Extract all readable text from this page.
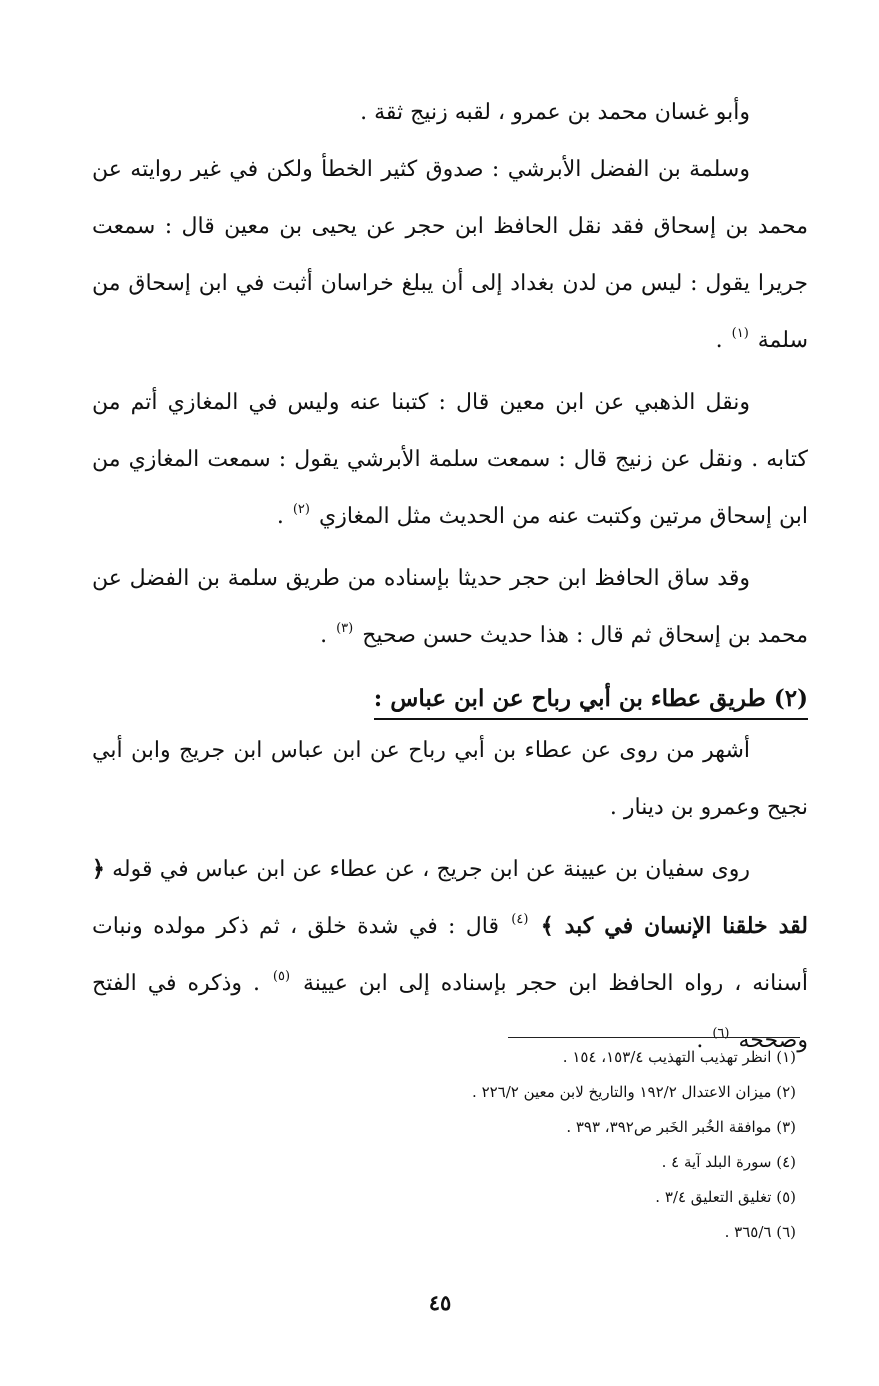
وأبو غسان محمد بن عمرو ، لقبه زنيج ثقة .

وسلمة بن الفضل الأبرشي : صدوق كثير الخطأ ولكن في غير روايته عن محمد بن إسحاق فقد نقل الحافظ ابن حجر عن يحيى بن معين قال : سمعت جريرا يقول : ليس من لدن بغداد إلى أن يبلغ خراسان أثبت في ابن إسحاق من سلمة $^{(١)}$ .

ونقل الذهبي عن ابن معين قال : كتبنا عنه وليس في المغازي أتم من كتابه . ونقل عن زنيج قال : سمعت سلمة الأبرشي يقول : سمعت المغازي من ابن إسحاق مرتين وكتبت عنه من الحديث مثل المغازي $^{(٢)}$ .

وقد ساق الحافظ ابن حجر حديثا بإسناده من طريق سلمة بن الفضل عن محمد بن إسحاق ثم قال : هذا حديث حسن صحيح $^{(٣)}$ .

(٢) طريق عطاء بن أبي رباح عن ابن عباس :

أشهر من روى عن عطاء بن أبي رباح عن ابن عباس ابن جريج وابن أبي نجيح وعمرو بن دينار .

روى سفيان بن عيينة عن ابن جريج ، عن عطاء عن ابن عباس في قوله ﴿ لقد خلقنا الإنسان في كبد ﴾ $^{(٤)}$ قال : في شدة خلق ، ثم ذكر مولده ونبات أسنانه ، رواه الحافظ ابن حجر بإسناده إلى ابن عيينة $^{(٥)}$ . وذكره في الفتح وصححه $^{(٦)}$ .

(١) انظر تهذيب التهذيب ١٥٣/٤، ١٥٤ .

(٢) ميزان الاعتدال ١٩٢/٢ والتاريخ لابن معين ٢٢٦/٢ .

(٣) موافقة الخُبر الخَبر ص٣٩٢، ٣٩٣ .

(٤) سورة البلد آية ٤ .

(٥) تغليق التعليق ٣/٤ .

(٦) ٣٦٥/٦ .

٤٥
